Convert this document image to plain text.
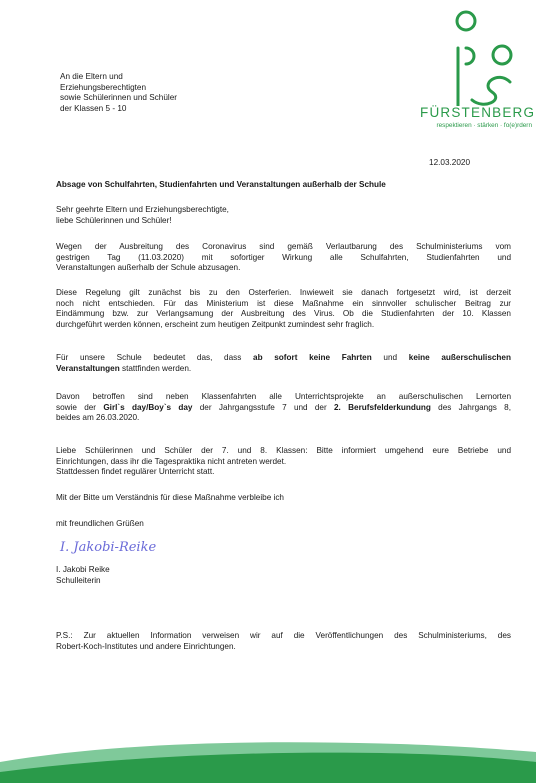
FÜRSTENBERG
respektieren · stärken · fo(e)rdern
An die Eltern und
Erziehungsberechtigten
sowie Schülerinnen und Schüler
der Klassen 5 - 10
12.03.2020
Absage von Schulfahrten, Studienfahrten und Veranstaltungen außerhalb der Schule
Sehr geehrte Eltern und Erziehungsberechtigte,
liebe Schülerinnen und Schüler!
Wegen der Ausbreitung des Coronavirus sind gemäß Verlautbarung des Schulministeriums vom
gestrigen Tag (11.03.2020) mit sofortiger Wirkung alle Schulfahrten, Studienfahrten und
Veranstaltungen außerhalb der Schule abzusagen.
Diese Regelung gilt zunächst bis zu den Osterferien. Inwieweit sie danach fortgesetzt wird, ist derzeit
noch nicht entschieden. Für das Ministerium ist diese Maßnahme ein sinnvoller schulischer Beitrag zur
Eindämmung bzw. zur Verlangsamung der Ausbreitung des Virus. Ob die Studienfahrten der 10. Klassen
durchgeführt werden können, erscheint zum heutigen Zeitpunkt zumindest sehr fraglich.
Für unsere Schule bedeutet das, dass ab sofort keine Fahrten und keine außerschulischen
Veranstaltungen stattfinden werden.
Davon betroffen sind neben Klassenfahrten alle Unterrichtsprojekte an außerschulischen Lernorten
sowie der Girl`s day/Boy`s day der Jahrgangsstufe 7 und der 2. Berufsfelderkundung des Jahrgangs 8,
beides am 26.03.2020.
Liebe Schülerinnen und Schüler der 7. und 8. Klassen: Bitte informiert umgehend eure Betriebe und
Einrichtungen, dass ihr die Tagespraktika nicht antreten werdet.
Stattdessen findet regulärer Unterricht statt.
Mit der Bitte um Verständnis für diese Maßnahme verbleibe ich
mit freundlichen Grüßen
I. Jakobi-Reike
I. Jakobi Reike
Schulleiterin
P.S.: Zur aktuellen Information verweisen wir auf die Veröffentlichungen des Schulministeriums, des
Robert-Koch-Institutes und andere Einrichtungen.
